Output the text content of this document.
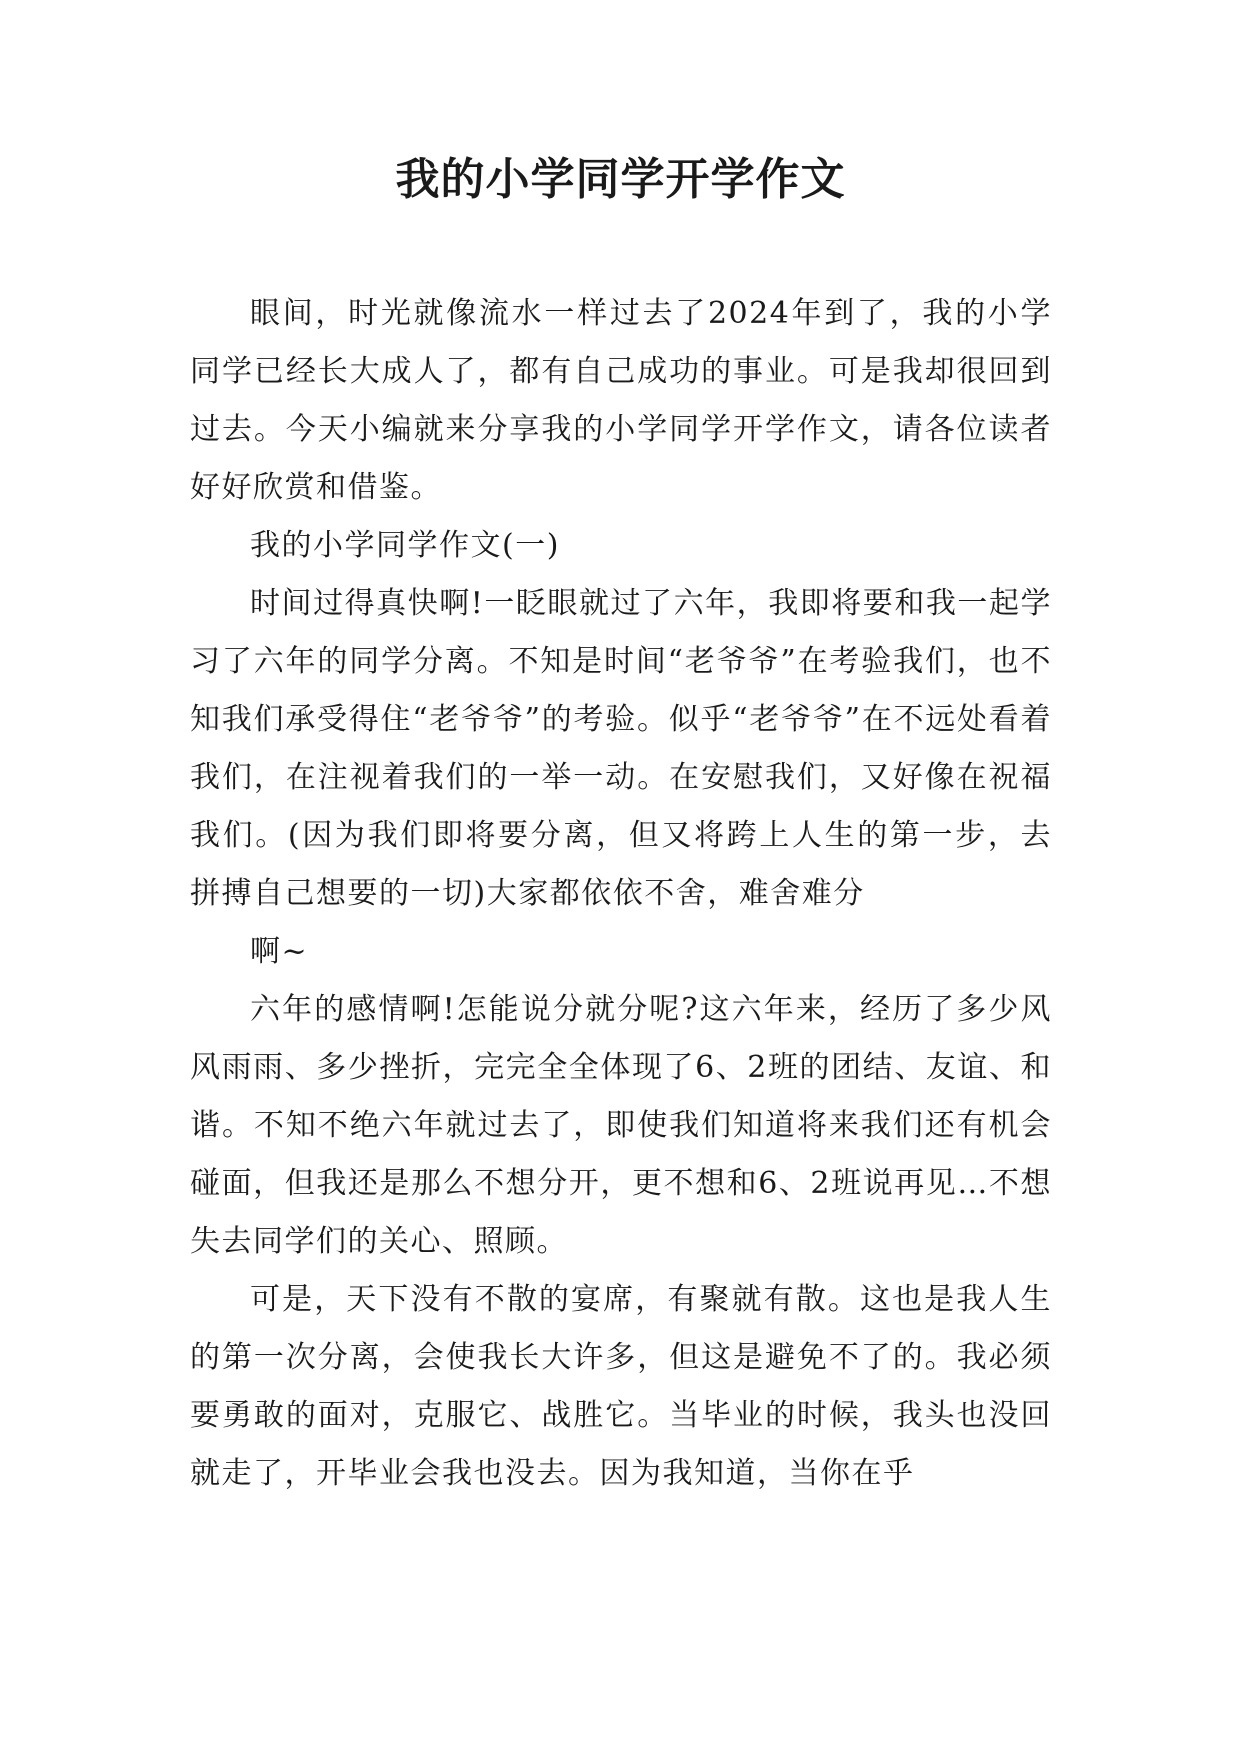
我的小学同学开学作文

眼间，时光就像流水一样过去了2024年到了，我的小学同学已经长大成人了，都有自己成功的事业。可是我却很回到过去。今天小编就来分享我的小学同学开学作文，请各位读者好好欣赏和借鉴。

我的小学同学作文(一)

时间过得真快啊!一眨眼就过了六年，我即将要和我一起学习了六年的同学分离。不知是时间“老爷爷”在考验我们，也不知我们承受得住“老爷爷”的考验。似乎“老爷爷”在不远处看着我们，在注视着我们的一举一动。在安慰我们，又好像在祝福我们。(因为我们即将要分离，但又将跨上人生的第一步，去拼搏自己想要的一切)大家都依依不舍，难舍难分

啊~

六年的感情啊!怎能说分就分呢?这六年来，经历了多少风风雨雨、多少挫折，完完全全体现了6、2班的团结、友谊、和谐。不知不绝六年就过去了，即使我们知道将来我们还有机会碰面，但我还是那么不想分开，更不想和6、2班说再见…不想失去同学们的关心、照顾。

可是，天下没有不散的宴席，有聚就有散。这也是我人生的第一次分离，会使我长大许多，但这是避免不了的。我必须要勇敢的面对，克服它、战胜它。当毕业的时候，我头也没回就走了，开毕业会我也没去。因为我知道，当你在乎
